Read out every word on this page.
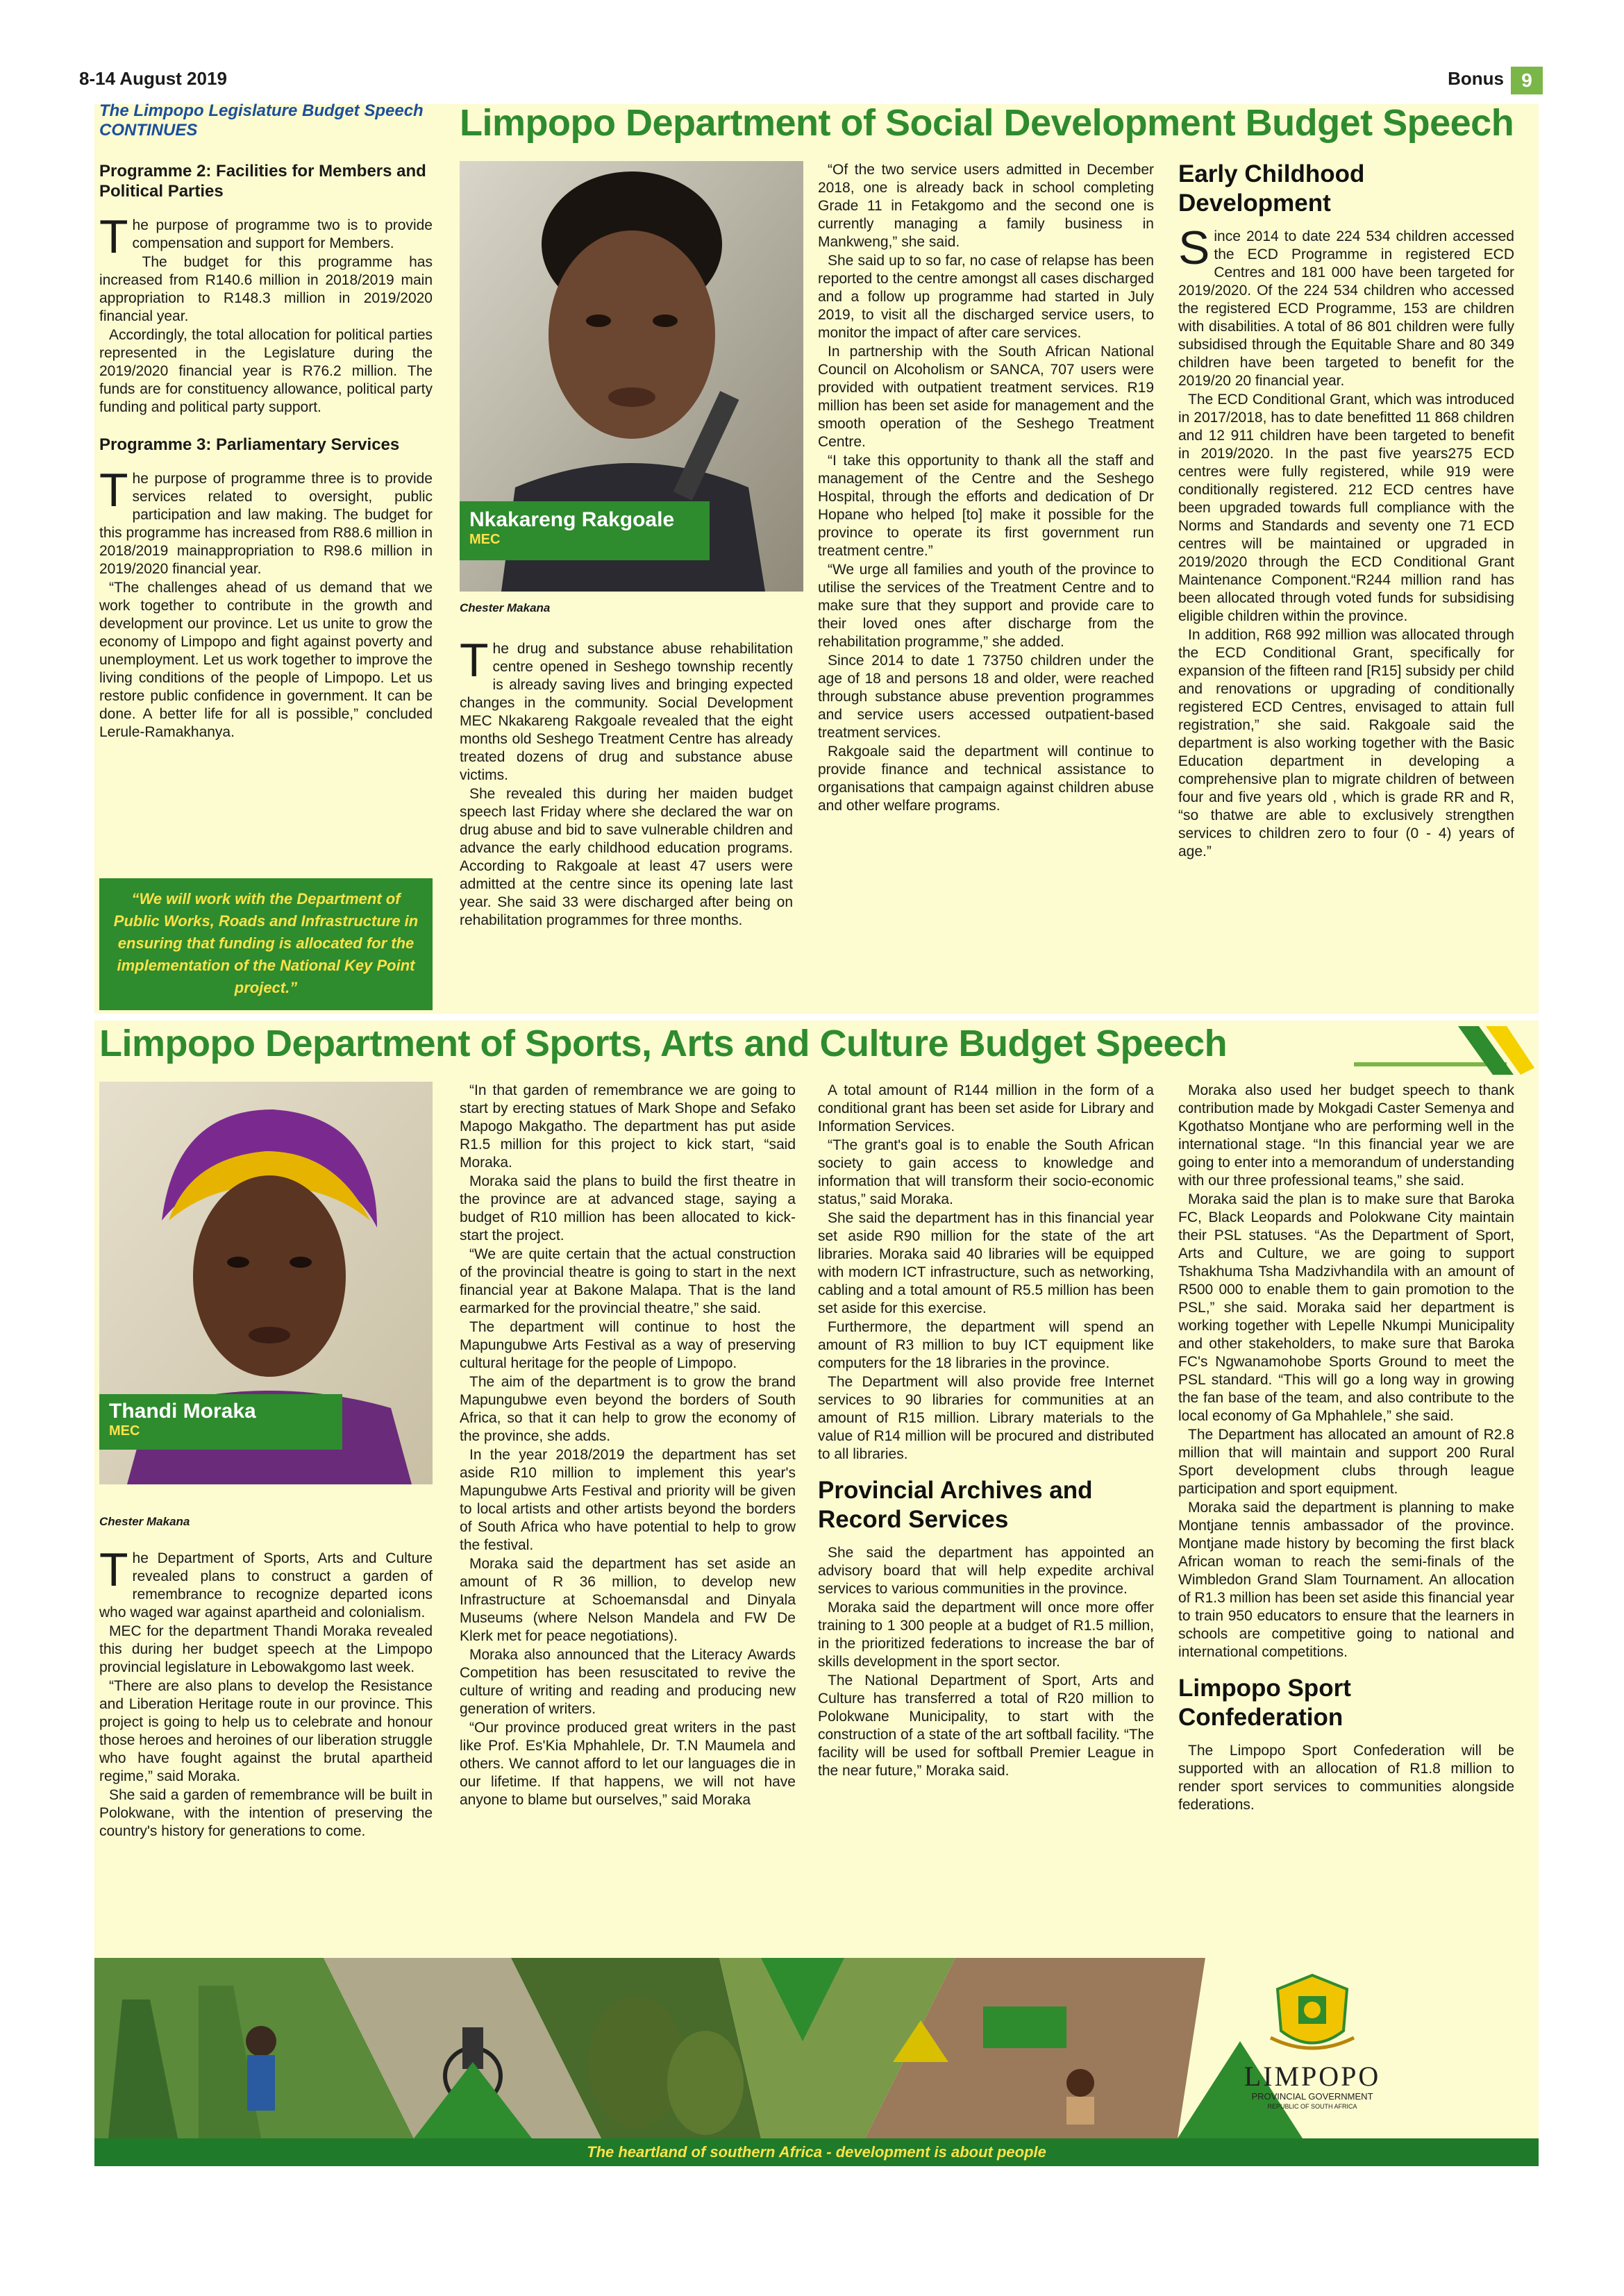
8-14 August 2019	Bonus 9
The Limpopo Legislature Budget Speech
CONTINUES
Programme 2: Facilities for Members and Political Parties

The purpose of programme two is to provide compensation and support for Members.

The budget for this programme has increased from R140.6 million in 2018/2019 main appropriation to R148.3 million in 2019/2020 financial year.

Accordingly, the total allocation for political parties represented in the Legislature during the 2019/2020 financial year is R76.2 million. The funds are for constituency allowance, political party funding and political party support.

Programme 3: Parliamentary Services

The purpose of programme three is to provide services related to oversight, public participation and law making. The budget for this programme has increased from R88.6 million in 2018/2019 mainappropriation to R98.6 million in 2019/2020 financial year.

“The challenges ahead of us demand that we work together to contribute in the growth and development our province. Let us unite to grow the economy of Limpopo and fight against poverty and unemployment. Let us work together to improve the living conditions of the people of Limpopo. Let us restore public confidence in government. It can be done. A better life for all is possible,” concluded Lerule-Ramakhanya.

“We will work with the Department of Public Works, Roads and Infrastructure in ensuring that funding is allocated for the implementation of the National Key Point project.”
Limpopo Department of Social Development Budget Speech
Nkakareng Rakgoale
MEC
Chester Makana

The drug and substance abuse rehabilitation centre opened in Seshego township recently is already saving lives and bringing expected changes in the community. Social Development MEC Nkakareng Rakgoale revealed that the eight months old Seshego Treatment Centre has already treated dozens of drug and substance abuse victims.

She revealed this during her maiden budget speech last Friday where she declared the war on drug abuse and bid to save vulnerable children and advance the early childhood education programs. According to Rakgoale at least 47 users were admitted at the centre since its opening late last year. She said 33 were discharged after being on rehabilitation programmes for three months.

“Of the two service users admitted in December 2018, one is already back in school completing Grade 11 in Fetakgomo and the second one is currently managing a family business in Mankweng,” she said.

She said up to so far, no case of relapse has been reported to the centre amongst all cases discharged and a follow up programme had started in July 2019, to visit all the discharged service users, to monitor the impact of after care services.

In partnership with the South African National Council on Alcoholism or SANCA, 707 users were provided with outpatient treatment services. R19 million has been set aside for management and the smooth operation of the Seshego Treatment Centre.

“I take this opportunity to thank all the staff and management of the Centre and the Seshego Hospital, through the efforts and dedication of Dr Hopane who helped [to] make it possible for the province to operate its first government run treatment centre.”

“We urge all families and youth of the province to utilise the services of the Treatment Centre and to make sure that they support and provide care to their loved ones after discharge from the rehabilitation programme,” she added.

Since 2014 to date 1 73750 children under the age of 18 and persons 18 and older, were reached through substance abuse prevention programmes and service users accessed outpatient-based treatment services.

Rakgoale said the department will continue to provide finance and technical assistance to organisations that campaign against children abuse and other welfare programs.

Early Childhood Development

Since 2014 to date 224 534 children accessed the ECD Programme in registered ECD Centres and 181 000 have been targeted for 2019/2020. Of the 224 534 children who accessed the registered ECD Programme, 153 are children with disabilities. A total of 86 801 children were fully subsidised through the Equitable Share and 80 349 children have been targeted to benefit for the 2019/20 20 financial year.

The ECD Conditional Grant, which was introduced in 2017/2018, has to date benefitted 11 868 children and 12 911 children have been targeted to benefit in 2019/2020. In the past five years275 ECD centres were fully registered, while 919 were conditionally registered. 212 ECD centres have been upgraded towards full compliance with the Norms and Standards and seventy one 71 ECD centres will be maintained or upgraded in 2019/2020 through the ECD Conditional Grant Maintenance Component.“R244 million rand has been allocated through voted funds for subsidising eligible children within the province.

In addition, R68 992 million was allocated through the ECD Conditional Grant, specifically for expansion of the fifteen rand [R15] subsidy per child and renovations or upgrading of conditionally registered ECD Centres, envisaged to attain full registration,” she said. Rakgoale said the department is also working together with the Basic Education department in developing a comprehensive plan to migrate children of between four and five years old , which is grade RR and R, “so thatwe are able to exclusively strengthen services to children zero to four (0 - 4) years of age.”

Limpopo Department of Sports, Arts and Culture Budget Speech
Thandi Moraka
MEC
Chester Makana

The Department of Sports, Arts and Culture revealed plans to construct a garden of remembrance to recognize departed icons who waged war against apartheid and colonialism.

MEC for the department Thandi Moraka revealed this during her budget speech at the Limpopo provincial legislature in Lebowakgomo last week.

“There are also plans to develop the Resistance and Liberation Heritage route in our province. This project is going to help us to celebrate and honour those heroes and heroines of our liberation struggle who have fought against the brutal apartheid regime,” said Moraka.

She said a garden of remembrance will be built in Polokwane, with the intention of preserving the country's history for generations to come.

“In that garden of remembrance we are going to start by erecting statues of Mark Shope and Sefako Mapogo Makgatho. The department has put aside R1.5 million for this project to kick start, “said Moraka.

Moraka said the plans to build the first theatre in the province are at advanced stage, saying a budget of R10 million has been allocated to kick-start the project.

“We are quite certain that the actual construction of the provincial theatre is going to start in the next financial year at Bakone Malapa. That is the land earmarked for the provincial theatre,” she said.

The department will continue to host the Mapungubwe Arts Festival as a way of preserving cultural heritage for the people of Limpopo.

The aim of the department is to grow the brand Mapungubwe even beyond the borders of South Africa, so that it can help to grow the economy of the province, she adds.

In the year 2018/2019 the department has set aside R10 million to implement this year's Mapungubwe Arts Festival and priority will be given to local artists and other artists beyond the borders of South Africa who have potential to help to grow the festival.

Moraka said the department has set aside an amount of R 36 million, to develop new Infrastructure at Schoemansdal and Dinyala Museums (where Nelson Mandela and FW De Klerk met for peace negotiations).

Moraka also announced that the Literacy Awards Competition has been resuscitated to revive the culture of writing and reading and producing new generation of writers.

“Our province produced great writers in the past like Prof. Es'Kia Mphahlele, Dr. T.N Maumela and others. We cannot afford to let our languages die in our lifetime. If that happens, we will not have anyone to blame but ourselves,” said Moraka

A total amount of R144 million in the form of a conditional grant has been set aside for Library and Information Services.

“The grant's goal is to enable the South African society to gain access to knowledge and information that will transform their socio-economic status,” said Moraka.

She said the department has in this financial year set aside R90 million for the state of the art libraries. Moraka said 40 libraries will be equipped with modern ICT infrastructure, such as networking, cabling and a total amount of R5.5 million has been set aside for this exercise.

Furthermore, the department will spend an amount of R3 million to buy ICT equipment like computers for the 18 libraries in the province.

The Department will also provide free Internet services to 90 libraries for communities at an amount of R15 million. Library materials to the value of R14 million will be procured and distributed to all libraries.

Provincial Archives and Record Services

She said the department has appointed an advisory board that will help expedite archival services to various communities in the province.

Moraka said the department will once more offer training to 1 300 people at a budget of R1.5 million, in the prioritized federations to increase the bar of skills development in the sport sector.

The National Department of Sport, Arts and Culture has transferred a total of R20 million to Polokwane Municipality, to start with the construction of a state of the art softball facility. “The facility will be used for softball Premier League in the near future,” Moraka said.

Moraka also used her budget speech to thank contribution made by Mokgadi Caster Semenya and Kgothatso Montjane who are performing well in the international stage. “In this financial year we are going to enter into a memorandum of understanding with our three professional teams,” she said.

Moraka said the plan is to make sure that Baroka FC, Black Leopards and Polokwane City maintain their PSL statuses. “As the Department of Sport, Arts and Culture, we are going to support Tshakhuma Tsha Madzivhandila with an amount of R500 000 to enable them to gain promotion to the PSL,” she said. Moraka said her department is working together with Lepelle Nkumpi Municipality and other stakeholders, to make sure that Baroka FC's Ngwanamohobe Sports Ground to meet the PSL standard. “This will go a long way in growing the fan base of the team, and also contribute to the local economy of Ga Mphahlele,” she said.

The Department has allocated an amount of R2.8 million that will maintain and support 200 Rural Sport development clubs through league participation and sport equipment.

Moraka said the department is planning to make Montjane tennis ambassador of the province. Montjane made history by becoming the first black African woman to reach the semi-finals of the Wimbledon Grand Slam Tournament. An allocation of R1.3 million has been set aside this financial year to train 950 educators to ensure that the learners in schools are competitive going to national and international competitions.

Limpopo Sport Confederation

The Limpopo Sport Confederation will be supported with an allocation of R1.8 million to render sport services to communities alongside federations.

LIMPOPO
PROVINCIAL GOVERNMENT
REPUBLIC OF SOUTH AFRICA
The heartland of southern Africa - development is about people
